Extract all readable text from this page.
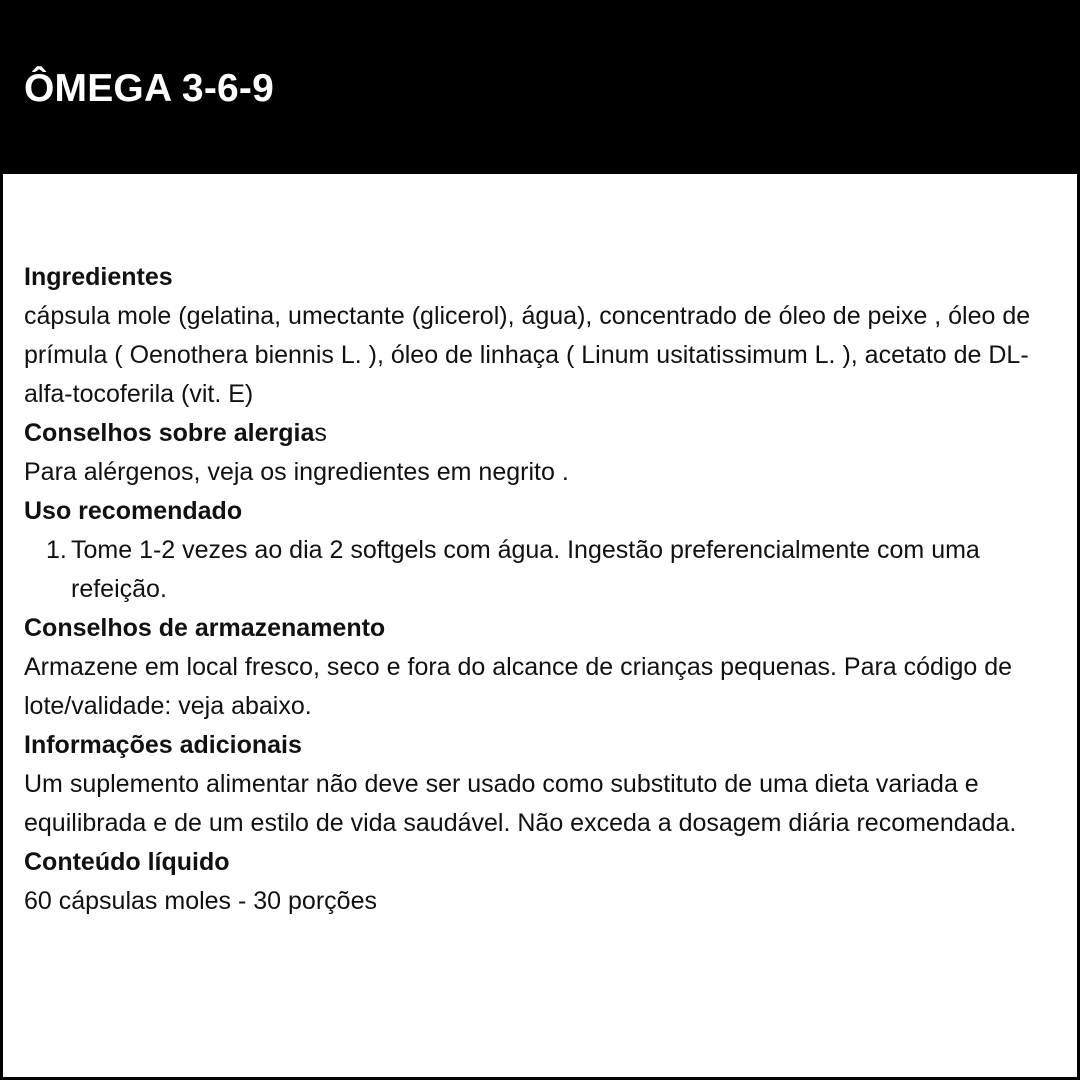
ÔMEGA 3-6-9

Ingredientes

cápsula mole (gelatina, umectante (glicerol), água), concentrado de óleo de peixe , óleo de prímula ( Oenothera biennis L. ), óleo de linhaça ( Linum usitatissimum L. ), acetato de DL-alfa-tocoferila (vit. E)

Conselhos sobre alergias

Para alérgenos, veja os ingredientes em negrito .

Uso recomendado

1. Tome 1-2 vezes ao dia 2 softgels com água. Ingestão preferencialmente com uma refeição.

Conselhos de armazenamento

Armazene em local fresco, seco e fora do alcance de crianças pequenas. Para código de lote/validade: veja abaixo.

Informações adicionais

Um suplemento alimentar não deve ser usado como substituto de uma dieta variada e equilibrada e de um estilo de vida saudável. Não exceda a dosagem diária recomendada.

Conteúdo líquido

60 cápsulas moles - 30 porções
